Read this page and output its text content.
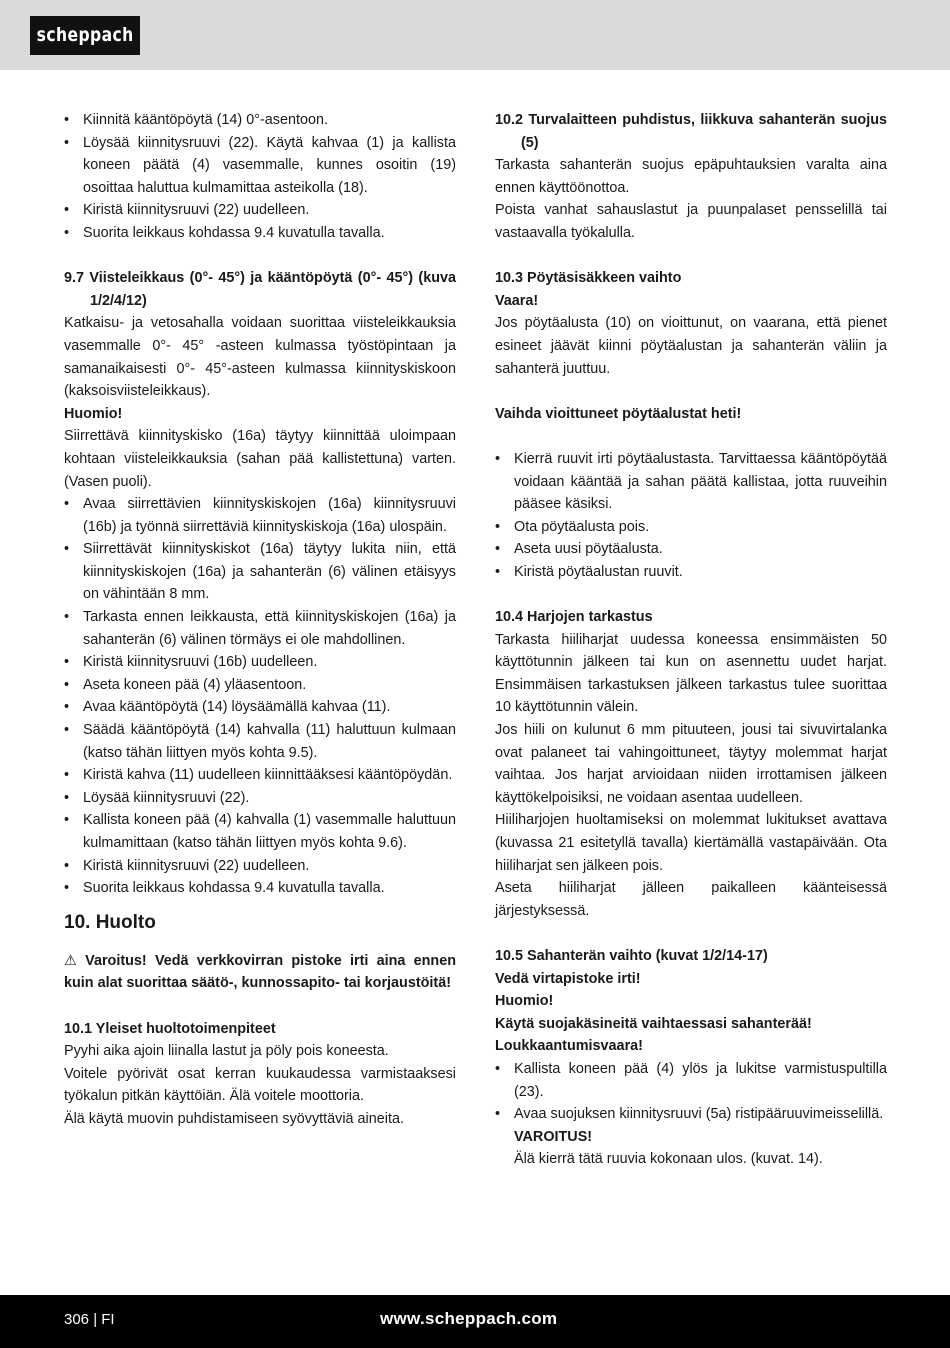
scheppach
• Kiinnitä kääntöpöytä (14) 0°-asentoon.
• Löysää kiinnitysruuvi (22). Käytä kahvaa (1) ja kallista koneen päätä (4) vasemmalle, kunnes osoitin (19) osoittaa haluttua kulmamittaa asteikolla (18).
• Kiristä kiinnitysruuvi (22) uudelleen.
• Suorita leikkaus kohdassa 9.4 kuvatulla tavalla.

9.7 Viisteleikkaus (0°- 45°) ja kääntöpöytä (0°- 45°) (kuva 1/2/4/12)

Katkaisu- ja vetosahalla voidaan suorittaa viisteleikkauksia vasemmalle 0°- 45° -asteen kulmassa työstöpintaan ja samanaikaisesti 0°- 45°-asteen kulmassa kiinnityskiskoon (kaksoisviisteleikkaus).

Huomio!

Siirrettävä kiinnityskisko (16a) täytyy kiinnittää uloimpaan kohtaan viisteleikkauksia (sahan pää kallistettuna) varten. (Vasen puoli).

• Avaa siirrettävien kiinnityskiskojen (16a) kiinnitysruuvi (16b) ja työnnä siirrettäviä kiinnityskiskoja (16a) ulospäin.
• Siirrettävät kiinnityskiskot (16a) täytyy lukita niin, että kiinnityskiskojen (16a) ja sahanterän (6) välinen etäisyys on vähintään 8 mm.
• Tarkasta ennen leikkausta, että kiinnityskiskojen (16a) ja sahanterän (6) välinen törmäys ei ole mahdollinen.
• Kiristä kiinnitysruuvi (16b) uudelleen.
• Aseta koneen pää (4) yläasentoon.
• Avaa kääntöpöytä (14) löysäämällä kahvaa (11).
• Säädä kääntöpöytä (14) kahvalla (11) haluttuun kulmaan (katso tähän liittyen myös kohta 9.5).
• Kiristä kahva (11) uudelleen kiinnittääksesi kääntöpöydän.
• Löysää kiinnitysruuvi (22).
• Kallista koneen pää (4) kahvalla (1) vasemmalle haluttuun kulmamittaan (katso tähän liittyen myös kohta 9.6).
• Kiristä kiinnitysruuvi (22) uudelleen.
• Suorita leikkaus kohdassa 9.4 kuvatulla tavalla.
10. Huolto

⚠ Varoitus! Vedä verkkovirran pistoke irti aina ennen kuin alat suorittaa säätö-, kunnossapito- tai korjaustöitä!

10.1 Yleiset huoltotoimenpiteet

Pyyhi aika ajoin liinalla lastut ja pöly pois koneesta.

Voitele pyörivät osat kerran kuukaudessa varmistaaksesi työkalun pitkän käyttöiän. Älä voitele moottoria.

Älä käytä muovin puhdistamiseen syövyttäviä aineita.

10.2 Turvalaitteen puhdistus, liikkuva sahanterän suojus (5)

Tarkasta sahanterän suojus epäpuhtauksien varalta aina ennen käyttöönottoa.

Poista vanhat sahauslastut ja puunpalaset pensselillä tai vastaavalla työkalulla.

10.3 Pöytäsisäkkeen vaihto

Vaara!

Jos pöytäalusta (10) on vioittunut, on vaarana, että pienet esineet jäävät kiinni pöytäalustan ja sahanterän väliin ja sahanterä juuttuu.

Vaihda vioittuneet pöytäalustat heti!

• Kierrä ruuvit irti pöytäalustasta. Tarvittaessa kääntöpöytää voidaan kääntää ja sahan päätä kallistaa, jotta ruuveihin pääsee käsiksi.
• Ota pöytäalusta pois.
• Aseta uusi pöytäalusta.
• Kiristä pöytäalustan ruuvit.

10.4 Harjojen tarkastus

Tarkasta hiiliharjat uudessa koneessa ensimmäisten 50 käyttötunnin jälkeen tai kun on asennettu uudet harjat. Ensimmäisen tarkastuksen jälkeen tarkastus tulee suorittaa 10 käyttötunnin välein.

Jos hiili on kulunut 6 mm pituuteen, jousi tai sivuvirtalanka ovat palaneet tai vahingoittuneet, täytyy molemmat harjat vaihtaa. Jos harjat arvioidaan niiden irrottamisen jälkeen käyttökelpoisiksi, ne voidaan asentaa uudelleen.

Hiiliharjojen huoltamiseksi on molemmat lukitukset avattava (kuvassa 21 esitetyllä tavalla) kiertämällä vastapäivään. Ota hiiliharjat sen jälkeen pois.

Aseta hiiliharjat jälleen paikalleen käänteisessä järjestyksessä.

10.5 Sahanterän vaihto (kuvat 1/2/14-17)

Vedä virtapistoke irti!

Huomio!

Käytä suojakäsineitä vaihtaessasi sahanterää!

Loukkaantumisvaara!

• Kallista koneen pää (4) ylös ja lukitse varmistuspultilla (23).
• Avaa suojuksen kiinnitysruuvi (5a) ristipääruuvimeisselillä.
VAROITUS!
Älä kierrä tätä ruuvia kokonaan ulos. (kuvat. 14).
306 | FI	www.scheppach.com
